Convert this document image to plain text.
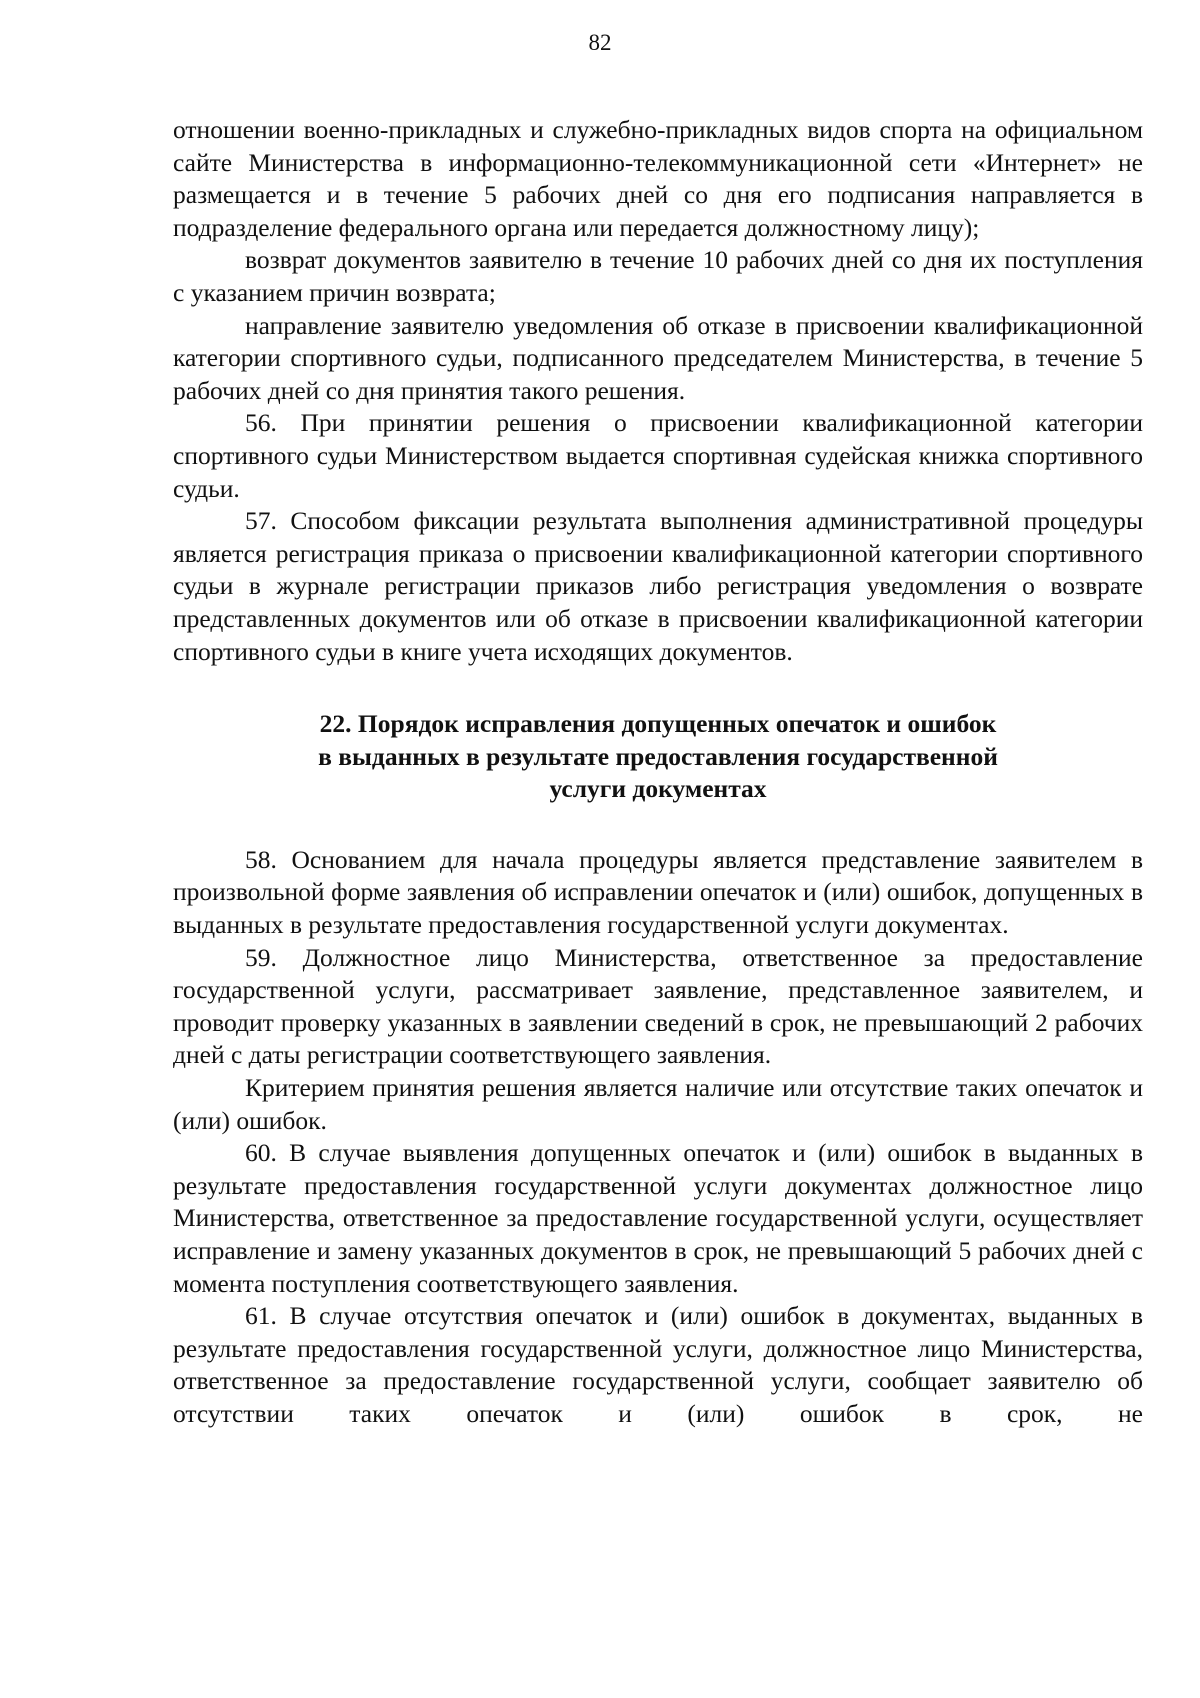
82

отношении военно-прикладных и служебно-прикладных видов спорта на официальном сайте Министерства в информационно-телекоммуникационной сети «Интернет» не размещается и в течение 5 рабочих дней со дня его подписания направляется в подразделение федерального органа или передается должностному лицу);

возврат документов заявителю в течение 10 рабочих дней со дня их поступления с указанием причин возврата;

направление заявителю уведомления об отказе в присвоении квалификационной категории спортивного судьи, подписанного председателем Министерства, в течение 5 рабочих дней со дня принятия такого решения.

56. При принятии решения о присвоении квалификационной категории спортивного судьи Министерством выдается спортивная судейская книжка спортивного судьи.

57. Способом фиксации результата выполнения административной процедуры является регистрация приказа о присвоении квалификационной категории спортивного судьи в журнале регистрации приказов либо регистрация уведомления о возврате представленных документов или об отказе в присвоении квалификационной категории спортивного судьи в книге учета исходящих документов.

22. Порядок исправления допущенных опечаток и ошибок
в выданных в результате предоставления государственной
услуги документах

58. Основанием для начала процедуры является представление заявителем в произвольной форме заявления об исправлении опечаток и (или) ошибок, допущенных в выданных в результате предоставления государственной услуги документах.

59. Должностное лицо Министерства, ответственное за предоставление государственной услуги, рассматривает заявление, представленное заявителем, и проводит проверку указанных в заявлении сведений в срок, не превышающий 2 рабочих дней с даты регистрации соответствующего заявления.

Критерием принятия решения является наличие или отсутствие таких опечаток и (или) ошибок.

60. В случае выявления допущенных опечаток и (или) ошибок в выданных в результате предоставления государственной услуги документах должностное лицо Министерства, ответственное за предоставление государственной услуги, осуществляет исправление и замену указанных документов в срок, не превышающий 5 рабочих дней с момента поступления соответствующего заявления.

61. В случае отсутствия опечаток и (или) ошибок в документах, выданных в результате предоставления государственной услуги, должностное лицо Министерства, ответственное за предоставление государственной услуги, сообщает заявителю об отсутствии таких опечаток и (или) ошибок в срок, не
